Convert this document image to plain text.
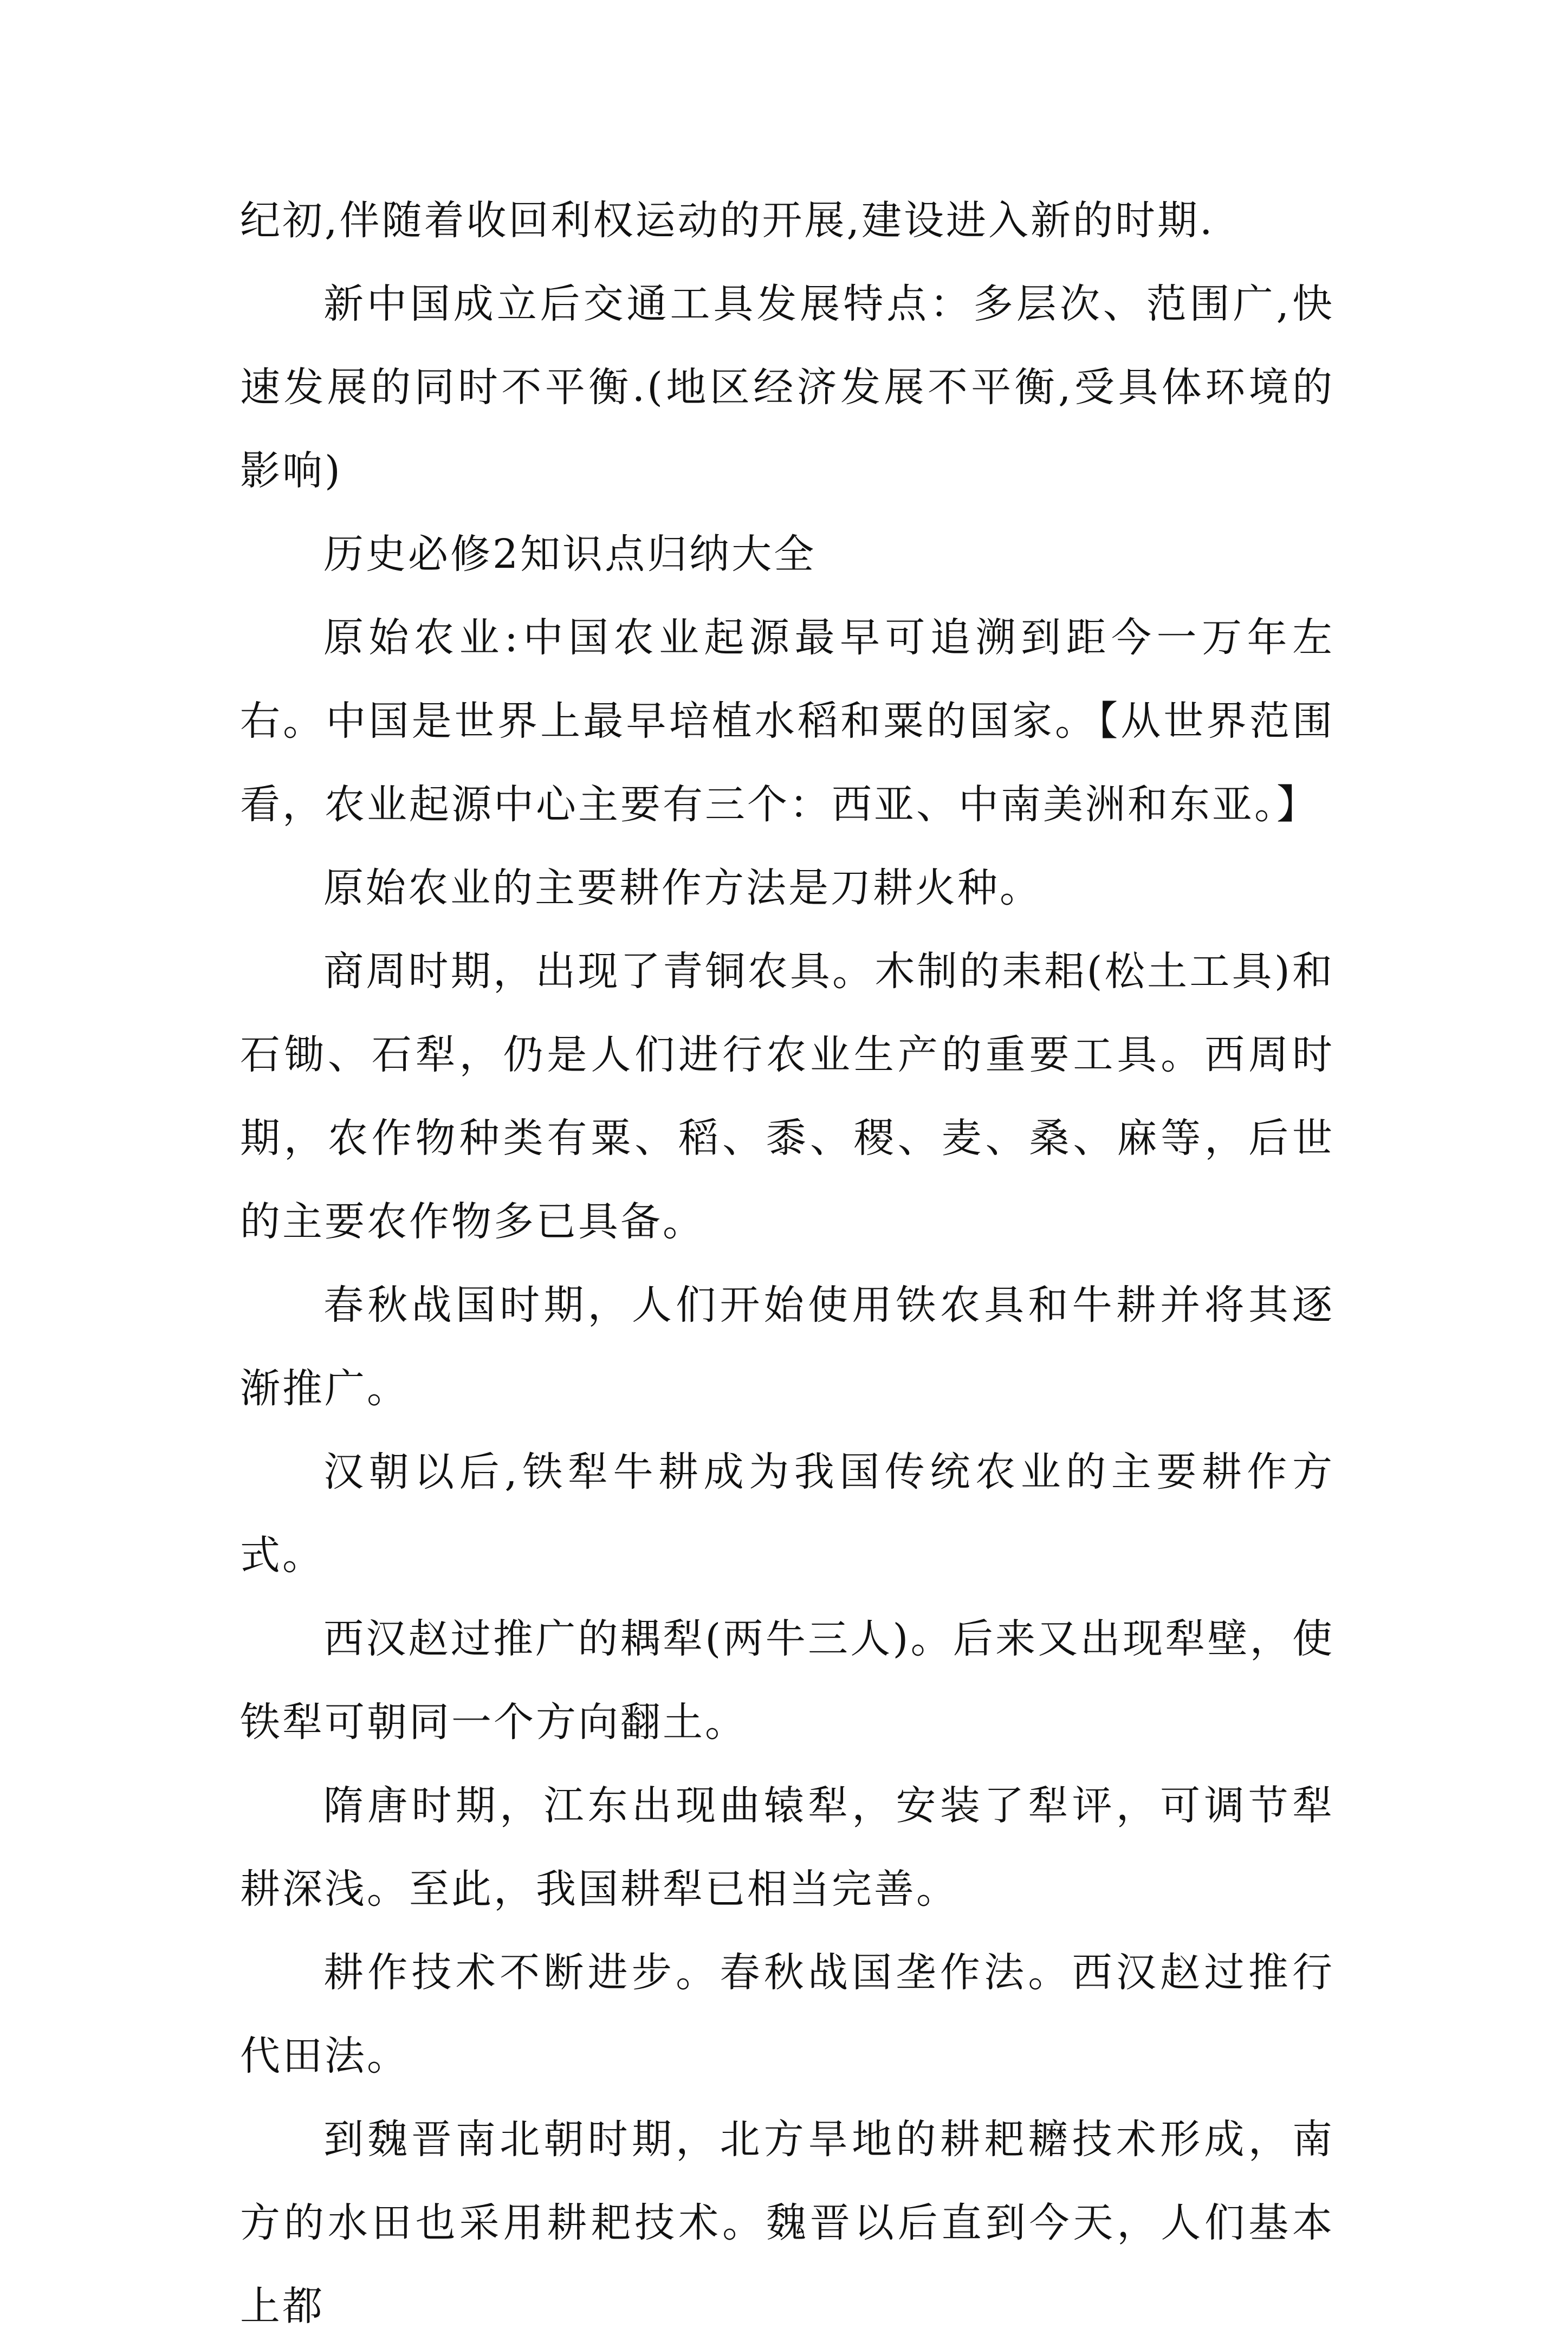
纪初,伴随着收回利权运动的开展,建设进入新的时期.

新中国成立后交通工具发展特点：多层次、范围广,快速发展的同时不平衡.(地区经济发展不平衡,受具体环境的影响)

历史必修2知识点归纳大全

原始农业:中国农业起源最早可追溯到距今一万年左右。中国是世界上最早培植水稻和粟的国家。【从世界范围看，农业起源中心主要有三个：西亚、中南美洲和东亚。】

原始农业的主要耕作方法是刀耕火种。

商周时期，出现了青铜农具。木制的耒耜(松土工具)和石锄、石犁，仍是人们进行农业生产的重要工具。西周时期，农作物种类有粟、稻、黍、稷、麦、桑、麻等，后世的主要农作物多已具备。

春秋战国时期，人们开始使用铁农具和牛耕并将其逐渐推广。

汉朝以后,铁犁牛耕成为我国传统农业的主要耕作方式。

西汉赵过推广的耦犁(两牛三人)。后来又出现犁壁，使铁犁可朝同一个方向翻土。

隋唐时期，江东出现曲辕犁，安装了犁评，可调节犁耕深浅。至此，我国耕犁已相当完善。

耕作技术不断进步。春秋战国垄作法。西汉赵过推行代田法。

到魏晋南北朝时期，北方旱地的耕耙耱技术形成，南方的水田也采用耕耙技术。魏晋以后直到今天，人们基本上都
